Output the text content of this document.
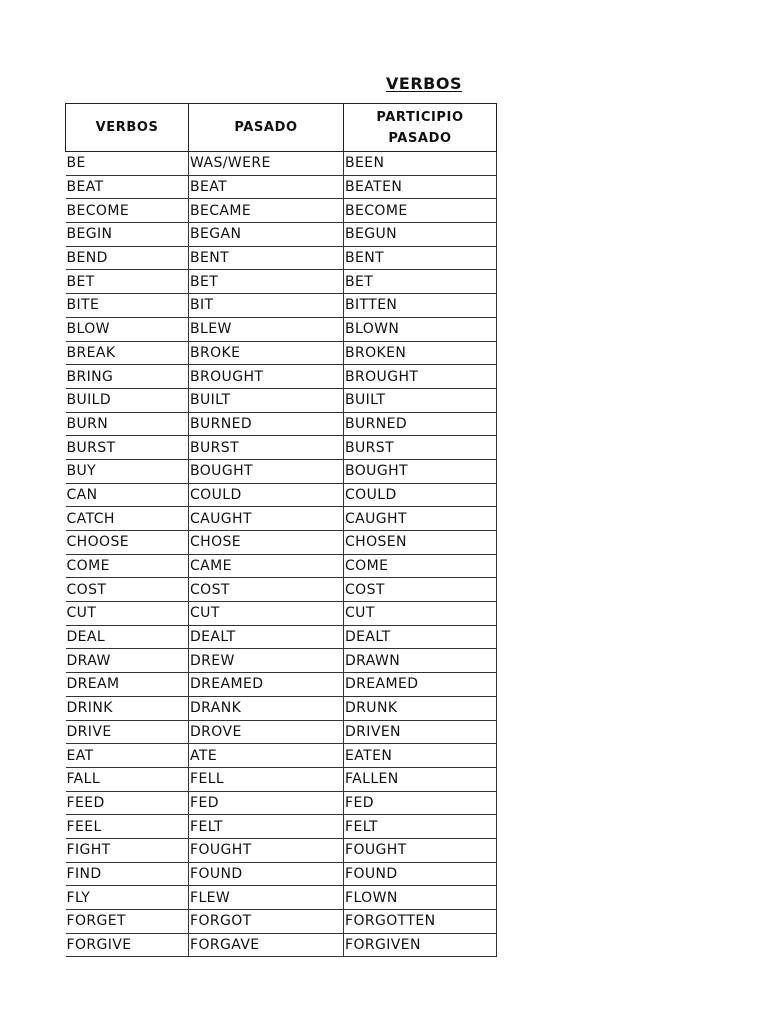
VERBOS
VERBOS	PASADO	PARTICIPIO
PASADO
BE	WAS/WERE	BEEN
BEAT	BEAT	BEATEN
BECOME	BECAME	BECOME
BEGIN	BEGAN	BEGUN
BEND	BENT	BENT
BET	BET	BET
BITE	BIT	BITTEN
BLOW	BLEW	BLOWN
BREAK	BROKE	BROKEN
BRING	BROUGHT	BROUGHT
BUILD	BUILT	BUILT
BURN	BURNED	BURNED
BURST	BURST	BURST
BUY	BOUGHT	BOUGHT
CAN	COULD	COULD
CATCH	CAUGHT	CAUGHT
CHOOSE	CHOSE	CHOSEN
COME	CAME	COME
COST	COST	COST
CUT	CUT	CUT
DEAL	DEALT	DEALT
DRAW	DREW	DRAWN
DREAM	DREAMED	DREAMED
DRINK	DRANK	DRUNK
DRIVE	DROVE	DRIVEN
EAT	ATE	EATEN
FALL	FELL	FALLEN
FEED	FED	FED
FEEL	FELT	FELT
FIGHT	FOUGHT	FOUGHT
FIND	FOUND	FOUND
FLY	FLEW	FLOWN
FORGET	FORGOT	FORGOTTEN
FORGIVE	FORGAVE	FORGIVEN
